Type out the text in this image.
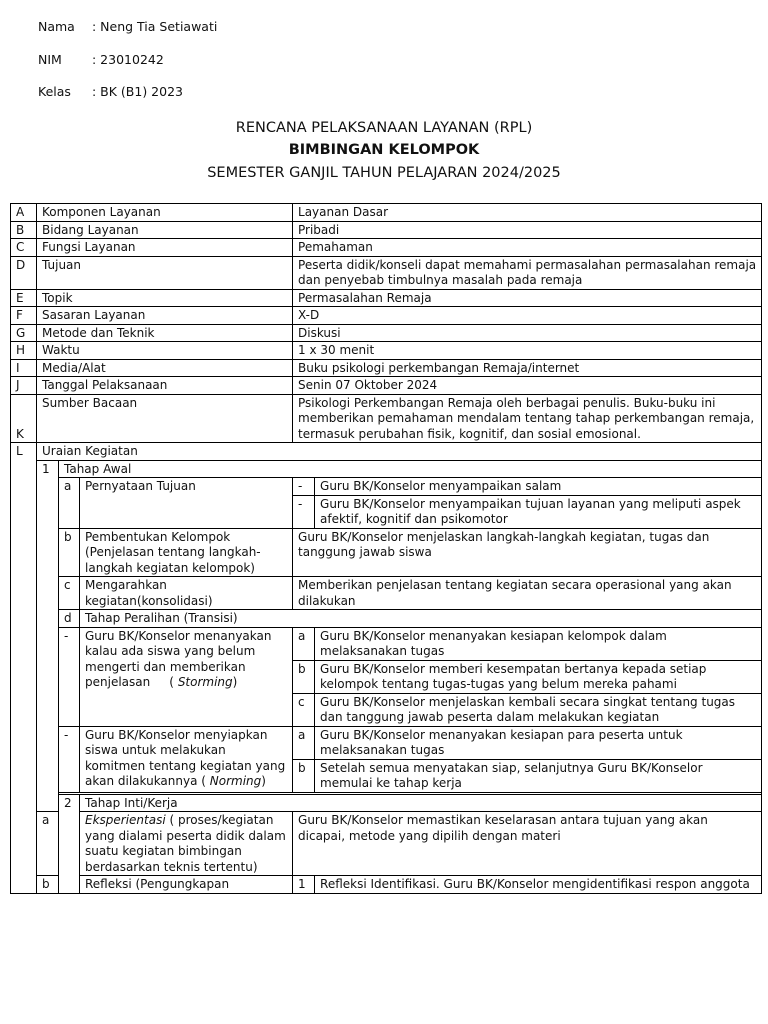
Nama : Neng Tia Setiawati
NIM : 23010242
Kelas : BK (B1) 2023
RENCANA PELAKSANAAN LAYANAN (RPL)
BIMBINGAN KELOMPOK
SEMESTER GANJIL TAHUN PELAJARAN 2024/2025
A	Komponen Layanan			Layanan Dasar	
B	Bidang Layanan			Pribadi	
C	Fungsi Layanan			Pemahaman	
D	Tujuan			Peserta didik/konseli dapat memahami permasalahan permasalahan remaja dan penyebab timbulnya masalah pada remaja	
E	Topik			Permasalahan Remaja	
F	Sasaran Layanan			X-D	
G	Metode dan Teknik			Diskusi	
H	Waktu			1 x 30 menit	
I	Media/Alat			Buku psikologi perkembangan Remaja/internet	
J	Tanggal Pelaksanaan			Senin 07 Oktober 2024	
K	Sumber Bacaan			Psikologi Perkembangan Remaja oleh berbagai penulis. Buku-buku ini memberikan pemahaman mendalam tentang tahap perkembangan remaja, termasuk perubahan fisik, kognitif, dan sosial emosional.	
L	Uraian Kegiatan				
	1	Tahap Awal			
		a	Pernyataan Tujuan	-	Guru BK/Konselor menyampaikan salam
				-	Guru BK/Konselor menyampaikan tujuan layanan yang meliputi aspek afektif, kognitif dan psikomotor
		b	Pembentukan Kelompok (Penjelasan tentang langkah-langkah kegiatan kelompok)	Guru BK/Konselor menjelaskan langkah-langkah kegiatan, tugas dan tanggung jawab siswa	
		c	Mengarahkan kegiatan(konsolidasi)	Memberikan penjelasan tentang kegiatan secara operasional yang akan dilakukan	
		d	Tahap Peralihan (Transisi)		
		-	Guru BK/Konselor menanyakan kalau ada siswa yang belum mengerti dan memberikan penjelasan     ( Storming)	a	Guru BK/Konselor menanyakan kesiapan kelompok dalam melaksanakan tugas
				b	Guru BK/Konselor memberi kesempatan bertanya kepada setiap kelompok tentang tugas-tugas yang belum mereka pahami
				c	Guru BK/Konselor menjelaskan kembali secara singkat tentang tugas dan tanggung jawab peserta dalam melakukan kegiatan
		-	Guru BK/Konselor menyiapkan siswa untuk melakukan komitmen tentang kegiatan yang akan dilakukannya ( Norming)	a	Guru BK/Konselor menanyakan kesiapan para peserta untuk melaksanakan tugas
				b	Setelah semua menyatakan siap, selanjutnya Guru BK/Konselor memulai ke tahap kerja

		2	Tahap Inti/Kerja		
	a		Eksperientasi ( proses/kegiatan yang dialami peserta didik dalam suatu kegiatan bimbingan berdasarkan teknis tertentu)	Guru BK/Konselor memastikan keselarasan antara tujuan yang akan dicapai, metode yang dipilih dengan materi	
	b		Refleksi (Pengungkapan	1	Refleksi Identifikasi. Guru BK/Konselor mengidentifikasi respon anggota
